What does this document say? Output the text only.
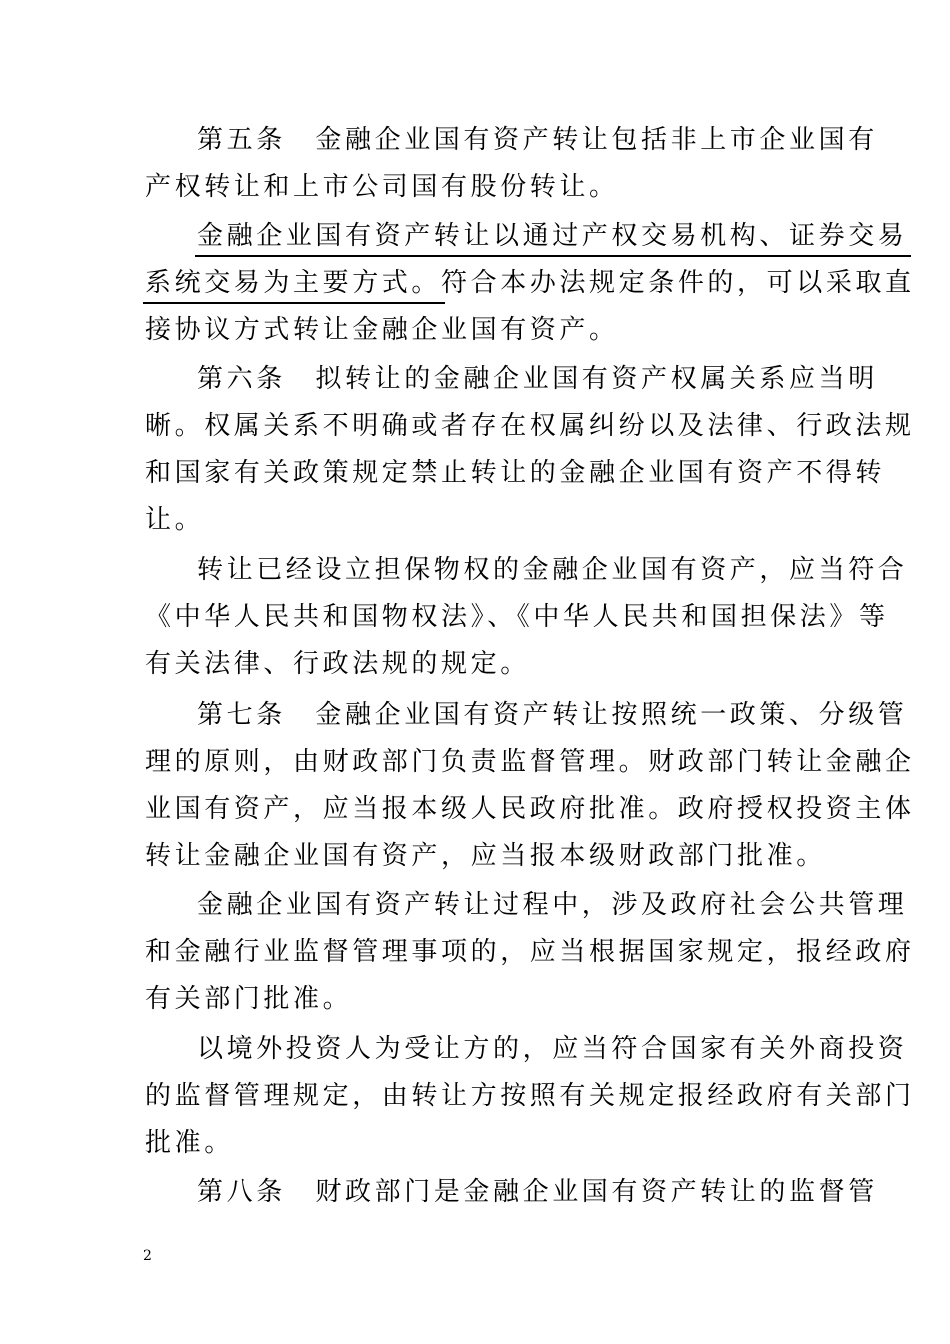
第五条　金融企业国有资产转让包括非上市企业国有

产权转让和上市公司国有股份转让。

金融企业国有资产转让以通过产权交易机构、证券交易

系统交易为主要方式。符合本办法规定条件的，可以采取直

接协议方式转让金融企业国有资产。

第六条　拟转让的金融企业国有资产权属关系应当明

晰。权属关系不明确或者存在权属纠纷以及法律、行政法规

和国家有关政策规定禁止转让的金融企业国有资产不得转

让。

转让已经设立担保物权的金融企业国有资产，应当符合

《中华人民共和国物权法》、《中华人民共和国担保法》等

有关法律、行政法规的规定。

第七条　金融企业国有资产转让按照统一政策、分级管

理的原则，由财政部门负责监督管理。财政部门转让金融企

业国有资产，应当报本级人民政府批准。政府授权投资主体

转让金融企业国有资产，应当报本级财政部门批准。

金融企业国有资产转让过程中，涉及政府社会公共管理

和金融行业监督管理事项的，应当根据国家规定，报经政府

有关部门批准。

以境外投资人为受让方的，应当符合国家有关外商投资

的监督管理规定，由转让方按照有关规定报经政府有关部门

批准。

第八条　财政部门是金融企业国有资产转让的监督管

2
